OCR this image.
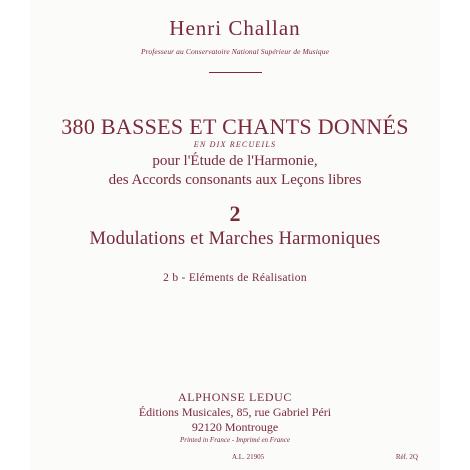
Henri Challan
Professeur au Conservatoire National Supérieur de Musique
380 BASSES ET CHANTS DONNÉS
EN DIX RECUEILS
pour l'Étude de l'Harmonie,
des Accords consonants aux Leçons libres
2
Modulations et Marches Harmoniques
2 b - Eléments de Réalisation
ALPHONSE LEDUC
Éditions Musicales, 85, rue Gabriel Péri
92120 Montrouge
Printed in France - Imprimé en France
A.L. 21905	Réf. 2Q
